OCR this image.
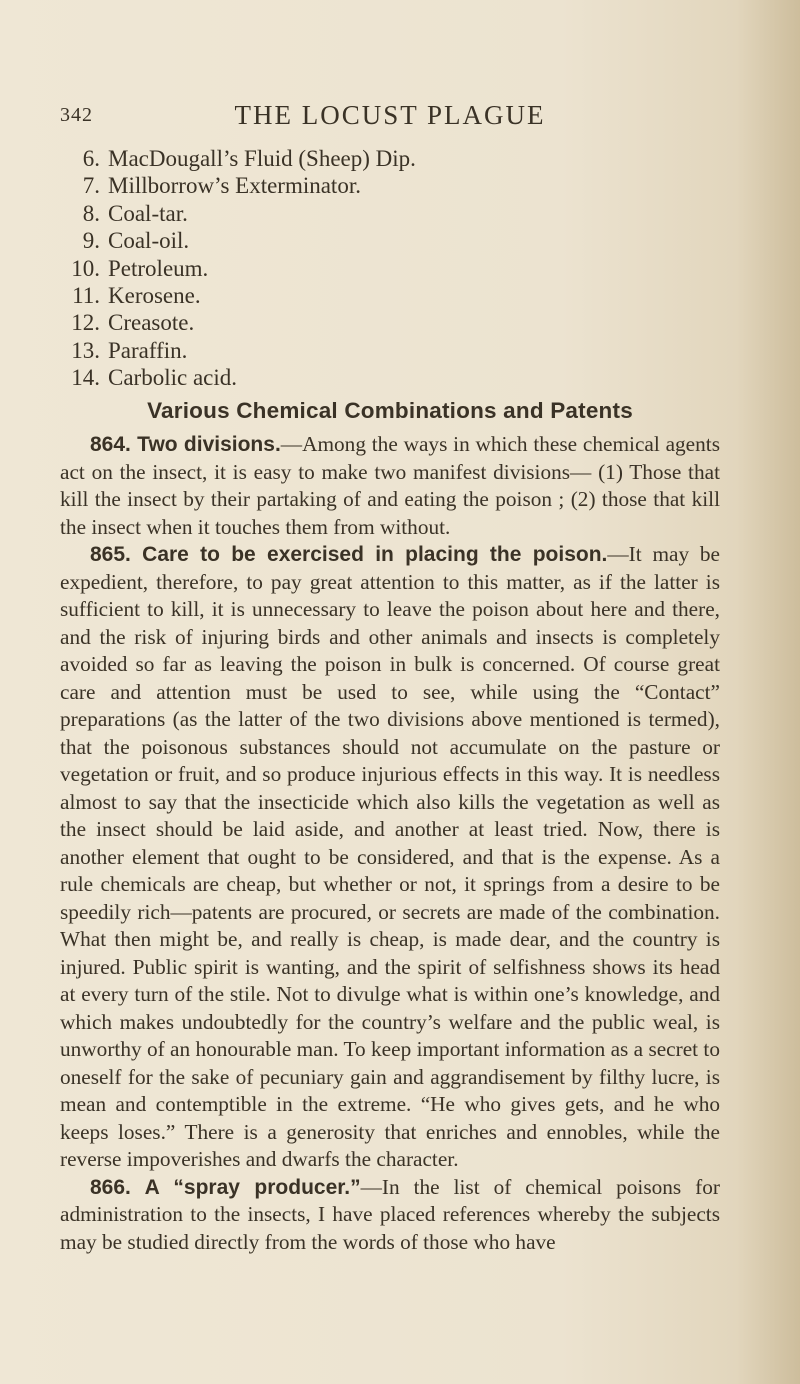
342	THE LOCUST PLAGUE
6. MacDougall’s Fluid (Sheep) Dip.
7. Millborrow’s Exterminator.
8. Coal-tar.
9. Coal-oil.
10. Petroleum.
11. Kerosene.
12. Creasote.
13. Paraffin.
14. Carbolic acid.
Various Chemical Combinations and Patents

864. Two divisions.—Among the ways in which these chemical agents act on the insect, it is easy to make two manifest divisions— (1) Those that kill the insect by their partaking of and eating the poison ; (2) those that kill the insect when it touches them from without.

865. Care to be exercised in placing the poison.—It may be expedient, therefore, to pay great attention to this matter, as if the latter is sufficient to kill, it is unnecessary to leave the poison about here and there, and the risk of injuring birds and other animals and insects is completely avoided so far as leaving the poison in bulk is concerned. Of course great care and attention must be used to see, while using the “Contact” preparations (as the latter of the two divisions above mentioned is termed), that the poisonous substances should not accumulate on the pasture or vegetation or fruit, and so produce injurious effects in this way. It is needless almost to say that the insecticide which also kills the vegetation as well as the insect should be laid aside, and another at least tried. Now, there is another element that ought to be considered, and that is the expense. As a rule chemicals are cheap, but whether or not, it springs from a desire to be speedily rich—patents are procured, or secrets are made of the combination. What then might be, and really is cheap, is made dear, and the country is injured. Public spirit is wanting, and the spirit of selfishness shows its head at every turn of the stile. Not to divulge what is within one’s knowledge, and which makes undoubtedly for the country’s welfare and the public weal, is unworthy of an honourable man. To keep important information as a secret to oneself for the sake of pecuniary gain and aggrandisement by filthy lucre, is mean and contemptible in the extreme. “He who gives gets, and he who keeps loses.” There is a generosity that enriches and ennobles, while the reverse impoverishes and dwarfs the character.

866. A “spray producer.”—In the list of chemical poisons for administration to the insects, I have placed references whereby the subjects may be studied directly from the words of those who have
